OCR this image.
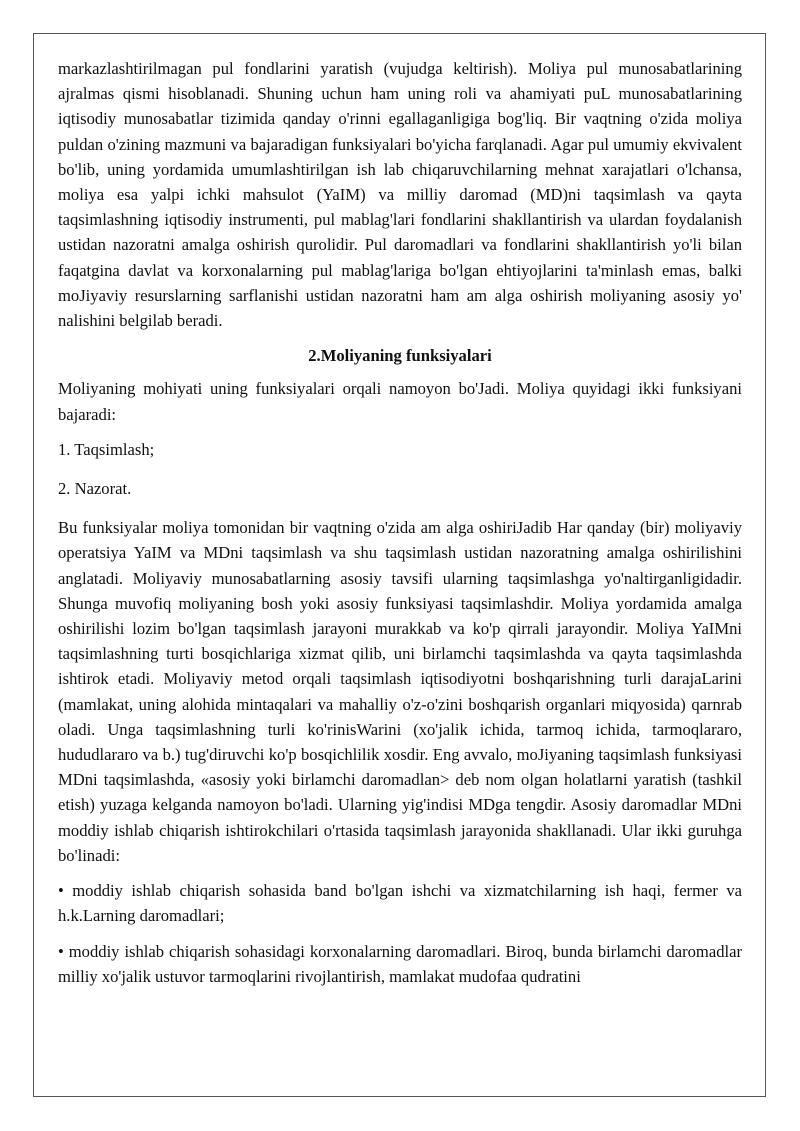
markazlashtirilmagan pul fondlarini yaratish (vujudga keltirish). Moliya pul munosabatlarining ajralmas qismi hisoblanadi. Shuning uchun ham uning roli va ahamiyati puL munosabatlarining iqtisodiy munosabatlar tizimida qanday o'rinni egallaganligiga bog'liq. Bir vaqtning o'zida moliya puldan o'zining mazmuni va bajaradigan funksiyalari bo'yicha farqlanadi. Agar pul umumiy ekvivalent bo'lib, uning yordamida umumlashtirilgan ish lab chiqaruvchilarning mehnat xarajatlari o'lchansa, moliya esa yalpi ichki mahsulot (YaIM) va milliy daromad (MD)ni taqsimlash va qayta taqsimlashning iqtisodiy instrumenti, pul mablag'lari fondlarini shakllantirish va ulardan foydalanish ustidan nazoratni amalga oshirish qurolidir. Pul daromadlari va fondlarini shakllantirish yo'li bilan faqatgina davlat va korxonalarning pul mablag'lariga bo'lgan ehtiyojlarini ta'minlash emas, balki moJiyaviy resurslarning sarflanishi ustidan nazoratni ham am alga oshirish moliyaning asosiy yo' nalishini belgilab beradi.

2.Moliyaning funksiyalari

Moliyaning mohiyati uning funksiyalari orqali namoyon bo'Jadi. Moliya quyidagi ikki funksiyani bajaradi:

1. Taqsimlash;

2. Nazorat.

Bu funksiyalar moliya tomonidan bir vaqtning o'zida am alga oshiriJadib Har qanday (bir) moliyaviy operatsiya YaIM va MDni taqsimlash va shu taqsimlash ustidan nazoratning amalga oshirilishini anglatadi. Moliyaviy munosabatlarning asosiy tavsifi ularning taqsimlashga yo'naltirganligidadir. Shunga muvofiq moliyaning bosh yoki asosiy funksiyasi taqsimlashdir. Moliya yordamida amalga oshirilishi lozim bo'lgan taqsimlash jarayoni murakkab va ko'p qirrali jarayondir. Moliya YaIMni taqsimlashning turti bosqichlariga xizmat qilib, uni birlamchi taqsimlashda va qayta taqsimlashda ishtirok etadi. Moliyaviy metod orqali taqsimlash iqtisodiyotni boshqarishning turli darajaLarini (mamlakat, uning alohida mintaqalari va mahalliy o'z-o'zini boshqarish organlari miqyosida) qarnrab oladi. Unga taqsimlashning turli ko'rinisWarini (xo'jalik ichida, tarmoq ichida, tarmoqlararo, hududlararo va b.) tug'diruvchi ko'p bosqichlilik xosdir. Eng avvalo, moJiyaning taqsimlash funksiyasi MDni taqsimlashda, «asosiy yoki birlamchi daromadlan> deb nom olgan holatlarni yaratish (tashkil etish) yuzaga kelganda namoyon bo'ladi. Ularning yig'indisi MDga tengdir. Asosiy daromadlar MDni moddiy ishlab chiqarish ishtirokchilari o'rtasida taqsimlash jarayonida shakllanadi. Ular ikki guruhga bo'linadi:

• moddiy ishlab chiqarish sohasida band bo'lgan ishchi va xizmatchilarning ish haqi, fermer va h.k.Larning daromadlari;

• moddiy ishlab chiqarish sohasidagi korxonalarning daromadlari. Biroq, bunda birlamchi daromadlar milliy xo'jalik ustuvor tarmoqlarini rivojlantirish, mamlakat mudofaa qudratini
